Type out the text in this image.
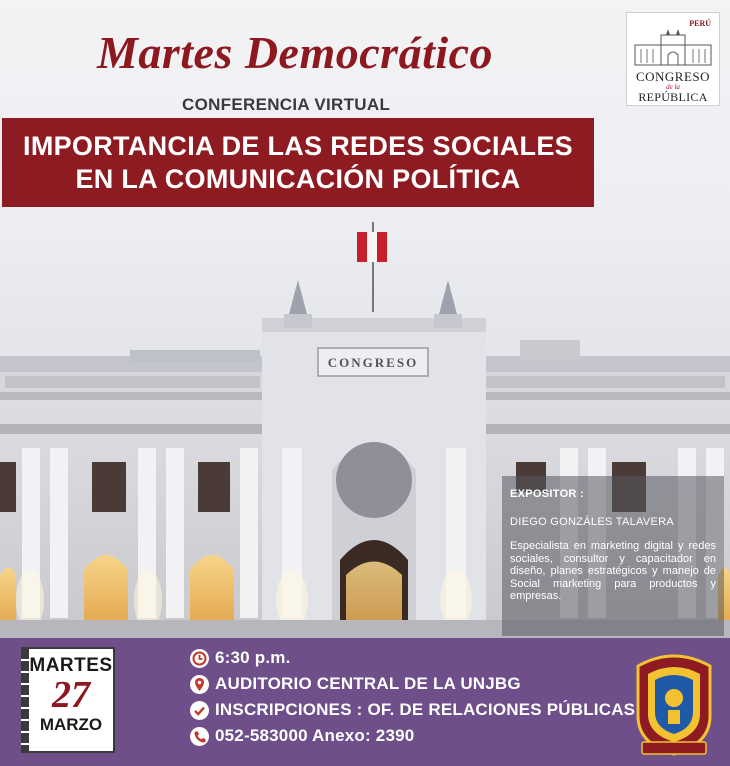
CONGRESO
Martes Democrático
CONFERENCIA VIRTUAL
IMPORTANCIA DE LAS REDES SOCIALES
EN LA COMUNICACIÓN POLÍTICA
PERÚ
CONGRESO
de la
REPÚBLICA
EXPOSITOR :
DIEGO GONZÁLES TALAVERA
Especialista en marketing digital y redes sociales, consultor y capacitador en diseño, planes estratégicos y manejo de Social marketing para productos y empresas.
MARTES
27
MARZO
6:30 p.m.
AUDITORIO CENTRAL DE LA UNJBG
INSCRIPCIONES : OF. DE RELACIONES PÚBLICAS
052-583000 Anexo: 2390
